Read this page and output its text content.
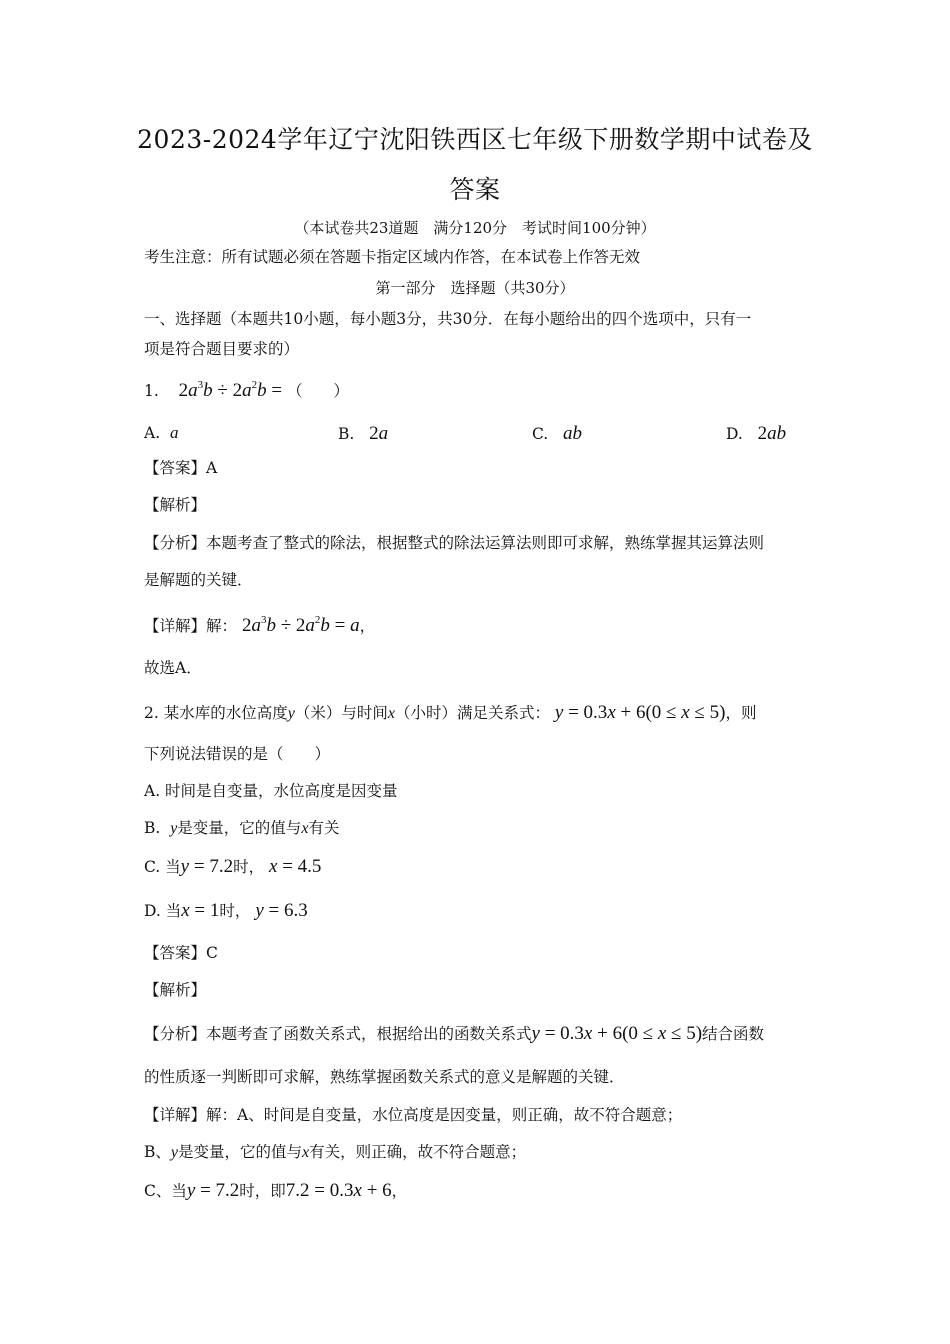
2023-2024学年辽宁沈阳铁西区七年级下册数学期中试卷及
答案
（本试卷共23道题　满分120分　考试时间100分钟）
考生注意：所有试题必须在答题卡指定区域内作答，在本试卷上作答无效
第一部分　选择题（共30分）
一、选择题（本题共10小题，每小题3分，共30分．在每小题给出的四个选项中，只有一
项是符合题目要求的）
1. $2a^3b \div 2a^2b$ = （　　）
A. a	B. 2a	C. ab	D. 2ab
【答案】A
【解析】
【分析】本题考查了整式的除法，根据整式的除法运算法则即可求解，熟练掌握其运算法则
是解题的关键．
【详解】解： $2a^3b \div 2a^2b = a$，
故选A．
2. 某水库的水位高度y（米）与时间x（小时）满足关系式： y = 0.3x + 6(0 ≤ x ≤ 5)，则
下列说法错误的是（　　）
A. 时间是自变量，水位高度是因变量
B. y是变量，它的值与x有关
C. 当y = 7.2时， x = 4.5
D. 当x = 1时， y = 6.3
【答案】C
【解析】
【分析】本题考查了函数关系式，根据给出的函数关系式y = 0.3x + 6(0 ≤ x ≤ 5)结合函数
的性质逐一判断即可求解，熟练掌握函数关系式的意义是解题的关键．
【详解】解：A、时间是自变量，水位高度是因变量，则正确，故不符合题意；
B、y是变量，它的值与x有关，则正确，故不符合题意；
C、当y = 7.2时，即7.2 = 0.3x + 6，
